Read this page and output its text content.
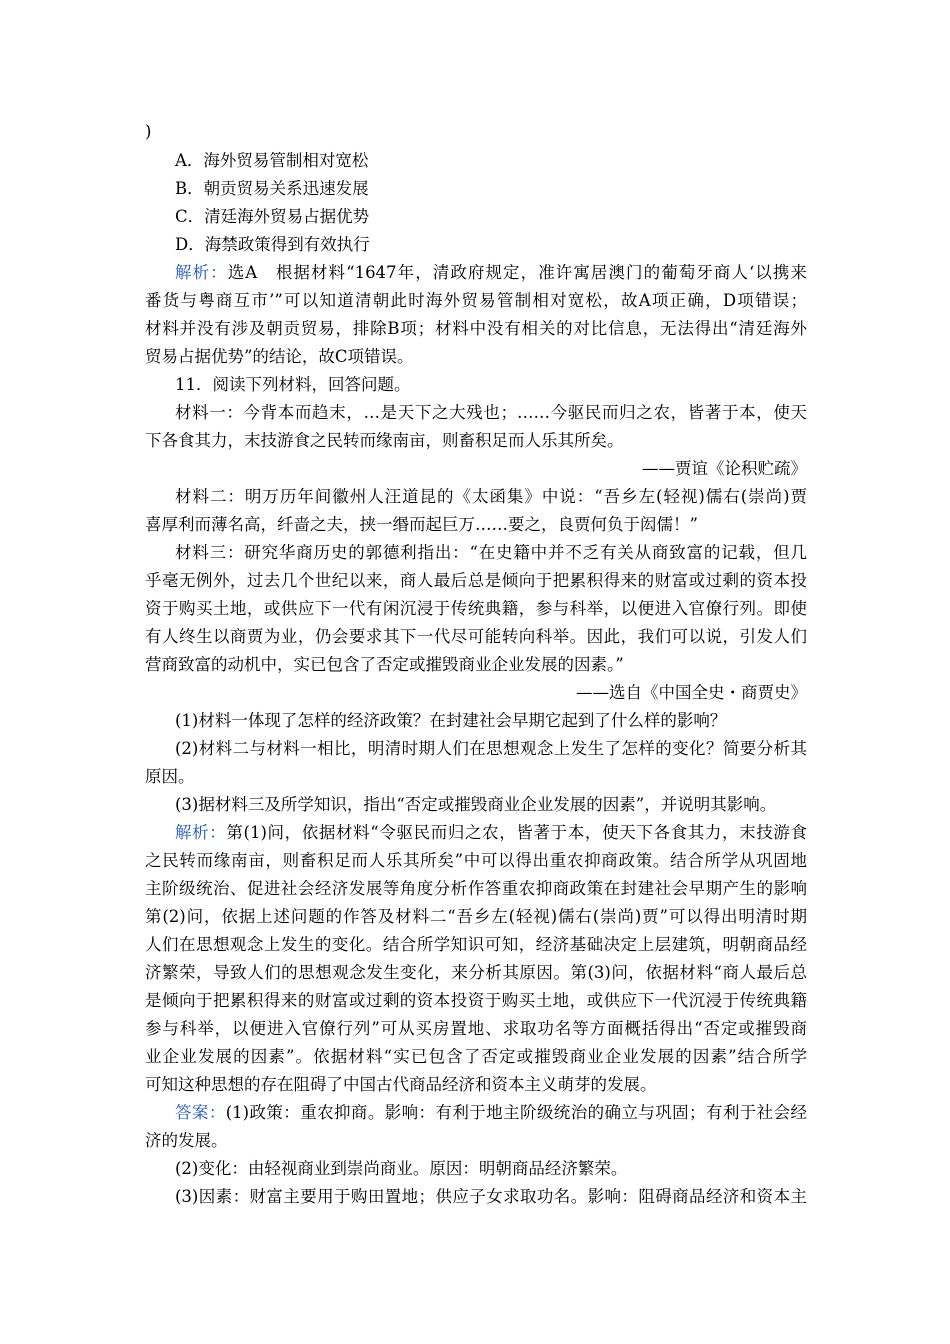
)
A．海外贸易管制相对宽松
B．朝贡贸易关系迅速发展
C．清廷海外贸易占据优势
D．海禁政策得到有效执行
解析：选A　根据材料“1647年，清政府规定，准许寓居澳门的葡萄牙商人‘以携来
番货与粤商互市’”可以知道清朝此时海外贸易管制相对宽松，故A项正确，D项错误；
材料并没有涉及朝贡贸易，排除B项；材料中没有相关的对比信息，无法得出“清廷海外
贸易占据优势”的结论，故C项错误。
11．阅读下列材料，回答问题。
材料一：今背本而趋末，…是天下之大残也；……今驱民而归之农，皆著于本，使天
下各食其力，末技游食之民转而缘南亩，则畜积足而人乐其所矣。
——贾谊《论积贮疏》
材料二：明万历年间徽州人汪道昆的《太函集》中说：“吾乡左(轻视)儒右(崇尚)贾
喜厚利而薄名高，纤啬之夫，挟一缗而起巨万……要之，良贾何负于闳儒！”
材料三：研究华商历史的郭德利指出：“在史籍中并不乏有关从商致富的记载，但几
乎毫无例外，过去几个世纪以来，商人最后总是倾向于把累积得来的财富或过剩的资本投
资于购买土地，或供应下一代有闲沉浸于传统典籍，参与科举，以便进入官僚行列。即使
有人终生以商贾为业，仍会要求其下一代尽可能转向科举。因此，我们可以说，引发人们
营商致富的动机中，实已包含了否定或摧毁商业企业发展的因素。”
——选自《中国全史・商贾史》
(1)材料一体现了怎样的经济政策？在封建社会早期它起到了什么样的影响？
(2)材料二与材料一相比，明清时期人们在思想观念上发生了怎样的变化？简要分析其
原因。
(3)据材料三及所学知识，指出“否定或摧毁商业企业发展的因素”，并说明其影响。
解析：第(1)问，依据材料“令驱民而归之农，皆著于本，使天下各食其力，末技游食
之民转而缘南亩，则畜积足而人乐其所矣”中可以得出重农抑商政策。结合所学从巩固地
主阶级统治、促进社会经济发展等角度分析作答重农抑商政策在封建社会早期产生的影响
第(2)问，依据上述问题的作答及材料二“吾乡左(轻视)儒右(崇尚)贾”可以得出明清时期
人们在思想观念上发生的变化。结合所学知识可知，经济基础决定上层建筑，明朝商品经
济繁荣，导致人们的思想观念发生变化，来分析其原因。第(3)问，依据材料“商人最后总
是倾向于把累积得来的财富或过剩的资本投资于购买土地，或供应下一代沉浸于传统典籍
参与科举，以便进入官僚行列”可从买房置地、求取功名等方面概括得出“否定或摧毁商
业企业发展的因素”。依据材料“实已包含了否定或摧毁商业企业发展的因素”结合所学
可知这种思想的存在阻碍了中国古代商品经济和资本主义萌芽的发展。
答案：(1)政策：重农抑商。影响：有利于地主阶级统治的确立与巩固；有利于社会经
济的发展。
(2)变化：由轻视商业到崇尚商业。原因：明朝商品经济繁荣。
(3)因素：财富主要用于购田置地；供应子女求取功名。影响：阻碍商品经济和资本主
